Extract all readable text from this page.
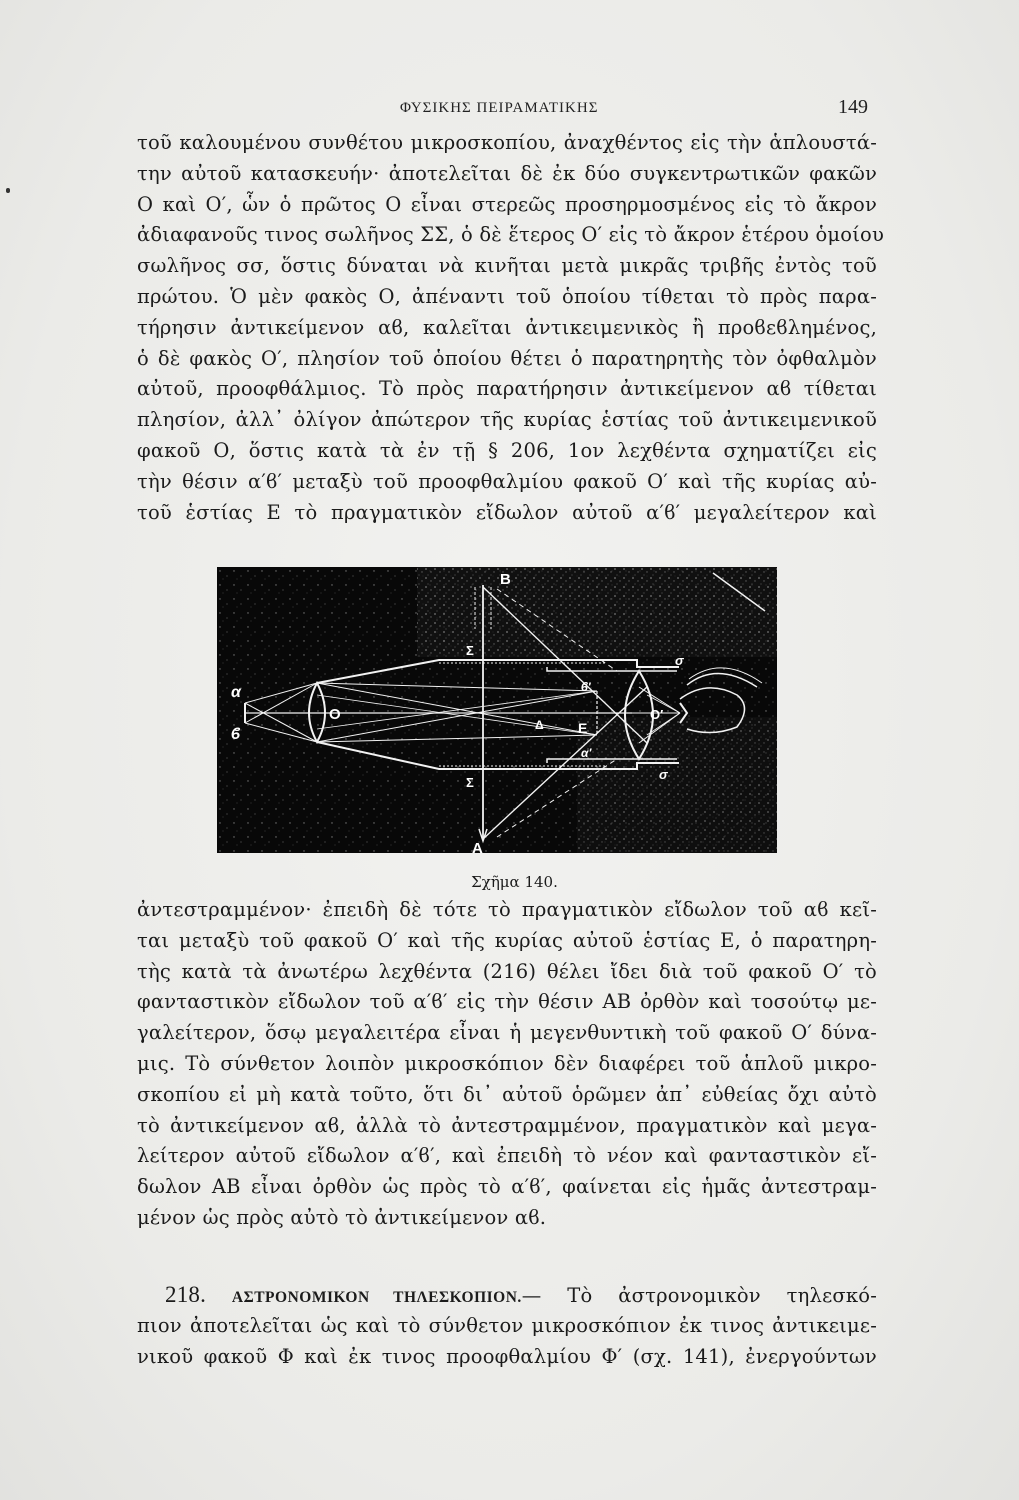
ΦΥΣΙΚΗΣ ΠΕΙΡΑΜΑΤΙΚΗΣ	149
τοῦ καλουμένου συνθέτου μικροσκοπίου, ἀναχθέντος εἰς τὴν ἁπλουστά-
την αὐτοῦ κατασκευήν· ἀποτελεῖται δὲ ἐκ δύο συγκεντρωτικῶν φακῶν
Ο καὶ Ο′, ὧν ὁ πρῶτος Ο εἶναι στερεῶς προσηρμοσμένος εἰς τὸ ἄκρον
ἀδιαφανοῦς τινος σωλῆνος ΣΣ, ὁ δὲ ἕτερος Ο′ εἰς τὸ ἄκρον ἑτέρου ὁμοίου
σωλῆνος σσ, ὅστις δύναται νὰ κινῆται μετὰ μικρᾶς τριβῆς ἐντὸς τοῦ
πρώτου. Ὁ μὲν φακὸς Ο, ἀπέναντι τοῦ ὁποίου τίθεται τὸ πρὸς παρα-
τήρησιν ἀντικείμενον αϐ, καλεῖται ἀντικειμενικὸς ἢ προϐεϐλημένος,
ὁ δὲ φακὸς Ο′, πλησίον τοῦ ὁποίου θέτει ὁ παρατηρητὴς τὸν ὀφθαλμὸν
αὐτοῦ, προοφθάλμιος. Τὸ πρὸς παρατήρησιν ἀντικείμενον αϐ τίθεται
πλησίον, ἀλλ᾽ ὀλίγον ἀπώτερον τῆς κυρίας ἑστίας τοῦ ἀντικειμενικοῦ
φακοῦ Ο, ὅστις κατὰ τὰ ἐν τῇ § 206, 1ον λεχθέντα σχηματίζει εἰς
τὴν θέσιν α′ϐ′ μεταξὺ τοῦ προοφθαλμίου φακοῦ Ο′ καὶ τῆς κυρίας αὐ-
τοῦ ἑστίας Ε τὸ πραγματικὸν εἴδωλον αὐτοῦ α′ϐ′ μεγαλείτερον καὶ
α
ϐ
Ο
Σ
Σ
B
A
Δ E
ϐ′
α′
Ο′
σ
σ
Σχῆμα 140.
ἀντεστραμμένον· ἐπειδὴ δὲ τότε τὸ πραγματικὸν εἴδωλον τοῦ αϐ κεῖ-
ται μεταξὺ τοῦ φακοῦ Ο′ καὶ τῆς κυρίας αὐτοῦ ἑστίας Ε, ὁ παρατηρη-
τὴς κατὰ τὰ ἀνωτέρω λεχθέντα (216) θέλει ἴδει διὰ τοῦ φακοῦ Ο′ τὸ
φανταστικὸν εἴδωλον τοῦ α′ϐ′ εἰς τὴν θέσιν ΑΒ ὀρθὸν καὶ τοσούτῳ με-
γαλείτερον, ὅσῳ μεγαλειτέρα εἶναι ἡ μεγενθυντικὴ τοῦ φακοῦ Ο′ δύνα-
μις. Τὸ σύνθετον λοιπὸν μικροσκόπιον δὲν διαφέρει τοῦ ἁπλοῦ μικρο-
σκοπίου εἰ μὴ κατὰ τοῦτο, ὅτι δι᾽ αὐτοῦ ὁρῶμεν ἀπ᾽ εὐθείας ὄχι αὐτὸ
τὸ ἀντικείμενον αϐ, ἀλλὰ τὸ ἀντεστραμμένον, πραγματικὸν καὶ μεγα-
λείτερον αὐτοῦ εἴδωλον α′ϐ′, καὶ ἐπειδὴ τὸ νέον καὶ φανταστικὸν εἴ-
δωλον ΑΒ εἶναι ὀρθὸν ὡς πρὸς τὸ α′ϐ′, φαίνεται εἰς ἡμᾶς ἀντεστραμ-
μένον ὡς πρὸς αὐτὸ τὸ ἀντικείμενον αϐ.
218. ΑΣΤΡΟΝΟΜΙΚΟΝ ΤΗΛΕΣΚΟΠΙΟΝ.— Τὸ ἀστρονομικὸν τηλεσκό-
πιον ἀποτελεῖται ὡς καὶ τὸ σύνθετον μικροσκόπιον ἐκ τινος ἀντικειμε-
νικοῦ φακοῦ Φ καὶ ἐκ τινος προοφθαλμίου Φ′ (σχ. 141), ἐνεργούντων
